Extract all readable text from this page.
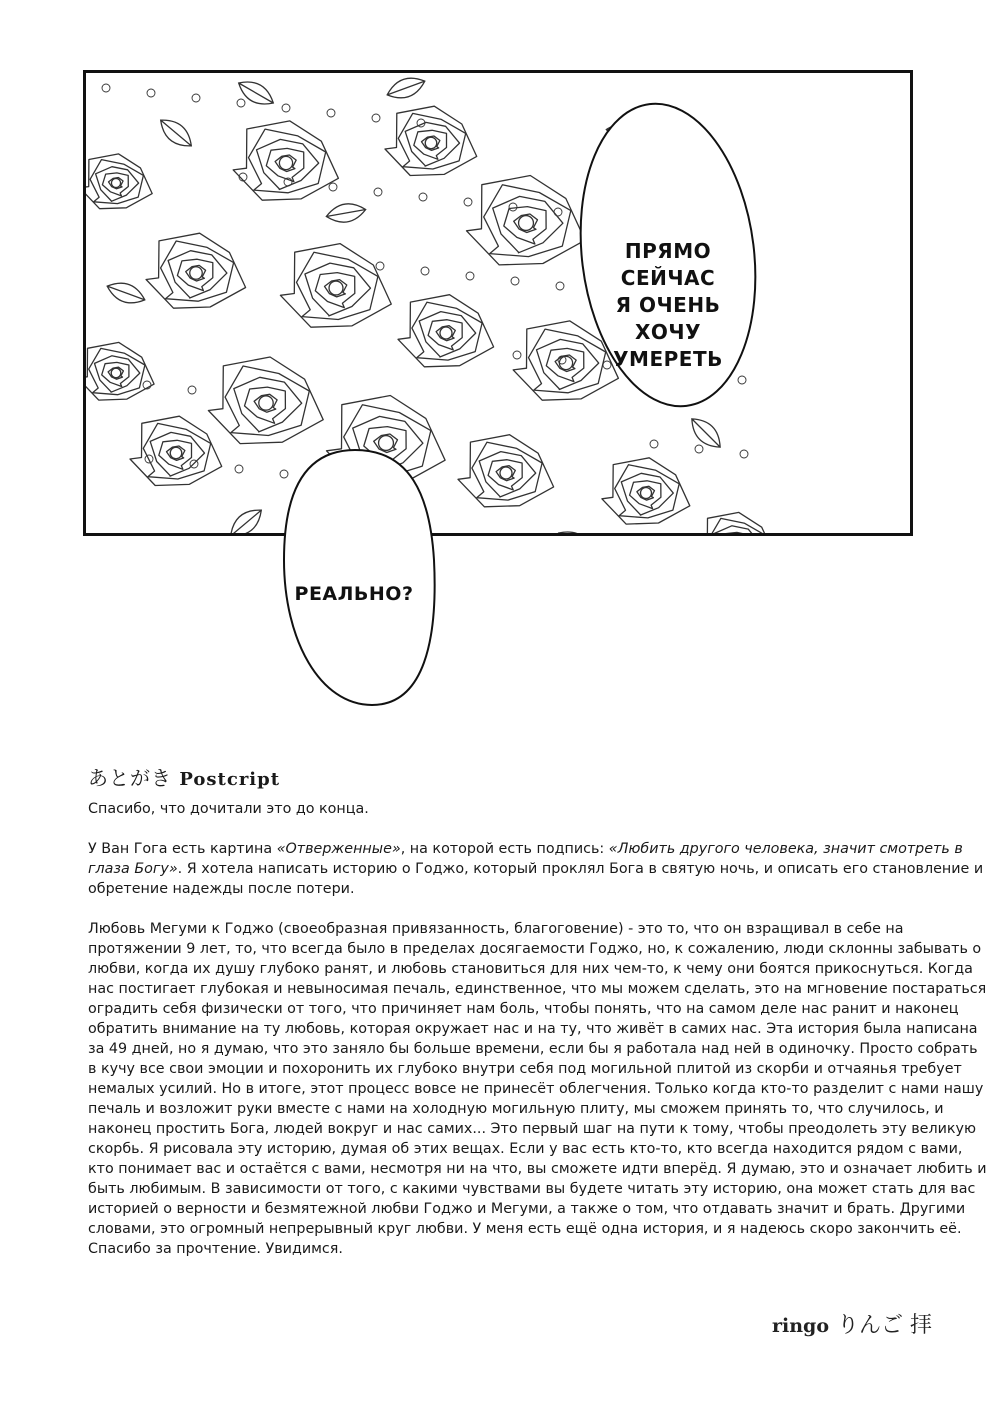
ПРЯМО
СЕЙЧАС
Я ОЧЕНЬ
ХОЧУ
УМЕРЕТЬ
РЕАЛЬНО?
あとがき Postcript

Спасибо, что дочитали это до конца.

У Ван Гога есть картина «Отверженные», на которой есть подпись: «Любить другого человека, значит смотреть в глаза Богу». Я хотела написать историю о Годжо, который проклял Бога в святую ночь, и описать его становление и обретение надежды после потери.

Любовь Мегуми к Годжо (своеобразная привязанность, благоговение) - это то, что он взращивал в себе на протяжении 9 лет, то, что всегда было в пределах досягаемости Годжо, но, к сожалению, люди склонны забывать о любви, когда их душу глубоко ранят, и любовь становиться для них чем-то, к чему они боятся прикоснуться. Когда нас постигает глубокая и невыносимая печаль, единственное, что мы можем сделать, это на мгновение постараться оградить себя физически от того, что причиняет нам боль, чтобы понять, что на самом деле нас ранит и наконец обратить внимание на ту любовь, которая окружает нас и на ту, что живёт в самих нас. Эта история была написана за 49 дней, но я думаю, что это заняло бы больше времени, если бы я работала над ней в одиночку. Просто собрать в кучу все свои эмоции и похоронить их глубоко внутри себя под могильной плитой из скорби и отчаянья требует немалых усилий. Но в итоге, этот процесс вовсе не принесёт облегчения. Только когда кто-то разделит с нами нашу печаль и возложит руки вместе с нами на холодную могильную плиту, мы сможем принять то, что случилось, и наконец простить Бога, людей вокруг и нас самих... Это первый шаг на пути к тому, чтобы преодолеть эту великую скорбь. Я рисовала эту историю, думая об этих вещах. Если у вас есть кто-то, кто всегда находится рядом с вами, кто понимает вас и остаётся с вами, несмотря ни на что, вы сможете идти вперёд. Я думаю, это и означает любить и быть любимым. В зависимости от того, с какими чувствами вы будете читать эту историю, она может стать для вас историей о верности и безмятежной любви Годжо и Мегуми, а также о том, что отдавать значит и брать. Другими словами, это огромный непрерывный круг любви. У меня есть ещё одна история, и я надеюсь скоро закончить её. Спасибо за прочтение. Увидимся.

ringo りんご 拝
